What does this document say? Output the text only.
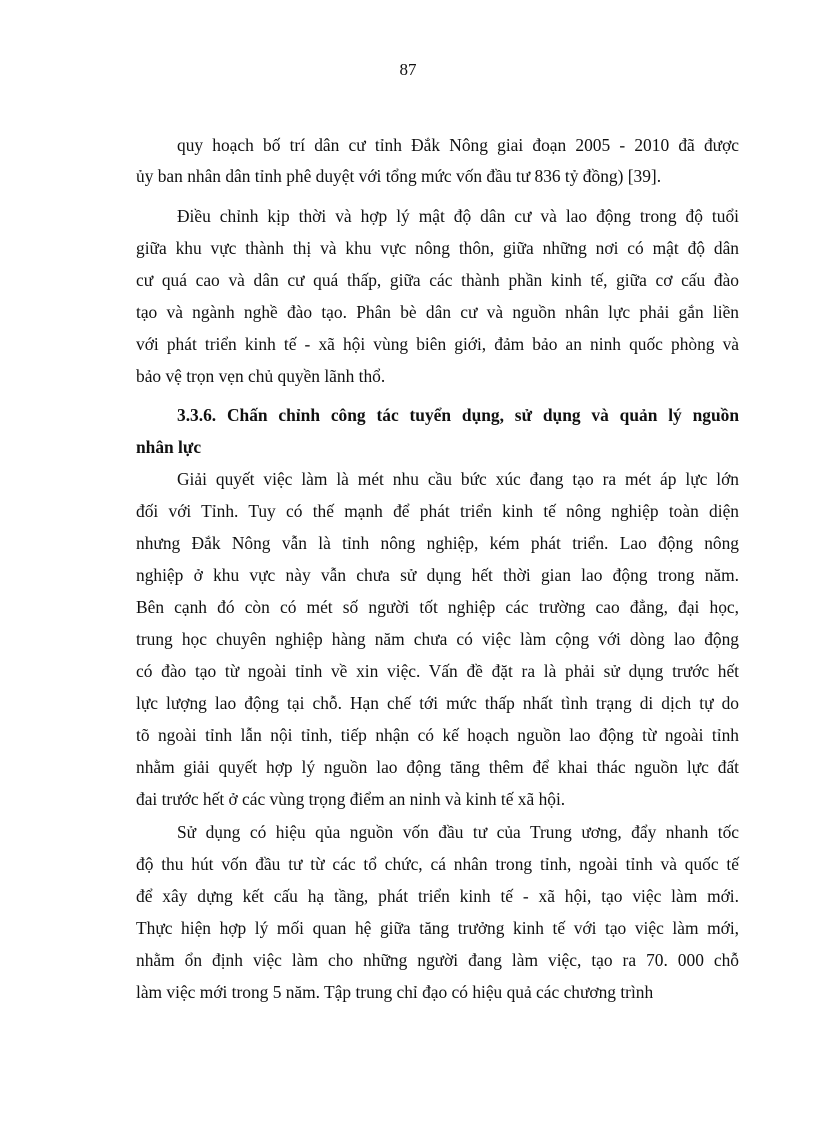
87
quy hoạch bố trí dân cư tỉnh Đắk Nông giai đoạn 2005 - 2010 đã được
ủy ban nhân dân tỉnh phê duyệt với tổng mức vốn đầu tư 836 tỷ đồng) [39].
Điều chỉnh kịp thời và hợp lý mật độ dân cư và lao động trong độ tuổi
giữa khu vực thành thị và khu vực nông thôn, giữa những nơi có mật độ dân
cư quá cao và dân cư quá thấp, giữa các thành phần kinh tế, giữa cơ cấu đào
tạo và ngành nghề đào tạo. Phân bè dân cư và nguồn nhân lực phải gắn liền
với phát triển kinh tế - xã hội vùng biên giới, đảm bảo an ninh quốc phòng và
bảo vệ trọn vẹn chủ quyền lãnh thổ.
3.3.6. Chấn chỉnh công tác tuyển dụng, sử dụng và quản lý nguồn
nhân lực
Giải quyết việc làm là mét nhu cầu bức xúc đang tạo ra mét áp lực lớn
đối với Tỉnh. Tuy có thế mạnh để phát triển kinh tế nông nghiệp toàn diện
nhưng Đắk Nông vẫn là tỉnh nông nghiệp, kém phát triển. Lao động nông
nghiệp ở khu vực này vẫn chưa sử dụng hết thời gian lao động trong năm.
Bên cạnh đó còn có mét số người tốt nghiệp các trường cao đẳng, đại học,
trung học chuyên nghiệp hàng năm chưa có việc làm cộng với dòng lao động
có đào tạo từ ngoài tỉnh về xin việc. Vấn đề đặt ra là phải sử dụng trước hết
lực lượng lao động tại chỗ. Hạn chế tới mức thấp nhất tình trạng di dịch tự do
tõ ngoài tỉnh lẫn nội tỉnh, tiếp nhận có kế hoạch nguồn lao động từ ngoài tỉnh
nhằm giải quyết hợp lý nguồn lao động tăng thêm để khai thác nguồn lực đất
đai trước hết ở các vùng trọng điểm an ninh và kinh tế xã hội.
Sử dụng có hiệu qủa nguồn vốn đầu tư của Trung ương, đẩy nhanh tốc
độ thu hút vốn đầu tư từ các tổ chức, cá nhân trong tỉnh, ngoài tỉnh và quốc tế
để xây dựng kết cấu hạ tầng, phát triển kinh tế - xã hội, tạo việc làm mới.
Thực hiện hợp lý mối quan hệ giữa tăng trưởng kinh tế với tạo việc làm mới,
nhằm ổn định việc làm cho những người đang làm việc, tạo ra 70. 000 chỗ
làm việc mới trong 5 năm. Tập trung chỉ đạo có hiệu quả các chương trình
